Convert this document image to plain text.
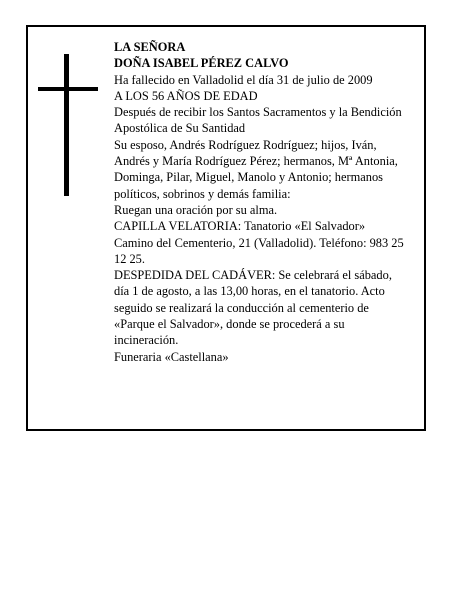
LA SEÑORA

DOÑA ISABEL PÉREZ CALVO

Ha fallecido en Valladolid el día 31 de julio de 2009

A LOS 56 AÑOS DE EDAD

Después de recibir los Santos Sacramentos y la Bendición Apostólica de Su Santidad

Su esposo, Andrés Rodríguez Rodríguez; hijos, Iván, Andrés y María Rodríguez Pérez; hermanos, Mª Antonia, Dominga, Pilar, Miguel, Manolo y Antonio; hermanos políticos, sobrinos y demás familia:

Ruegan una oración por su alma.

CAPILLA VELATORIA: Tanatorio «El Salvador» Camino del Cementerio, 21 (Valladolid). Teléfono: 983 25 12 25.

DESPEDIDA DEL CADÁVER: Se celebrará el sábado, día 1 de agosto, a las 13,00 horas, en el tanatorio. Acto seguido se realizará la conducción al cementerio de «Parque el Salvador», donde se procederá a su incineración.

Funeraria «Castellana»
